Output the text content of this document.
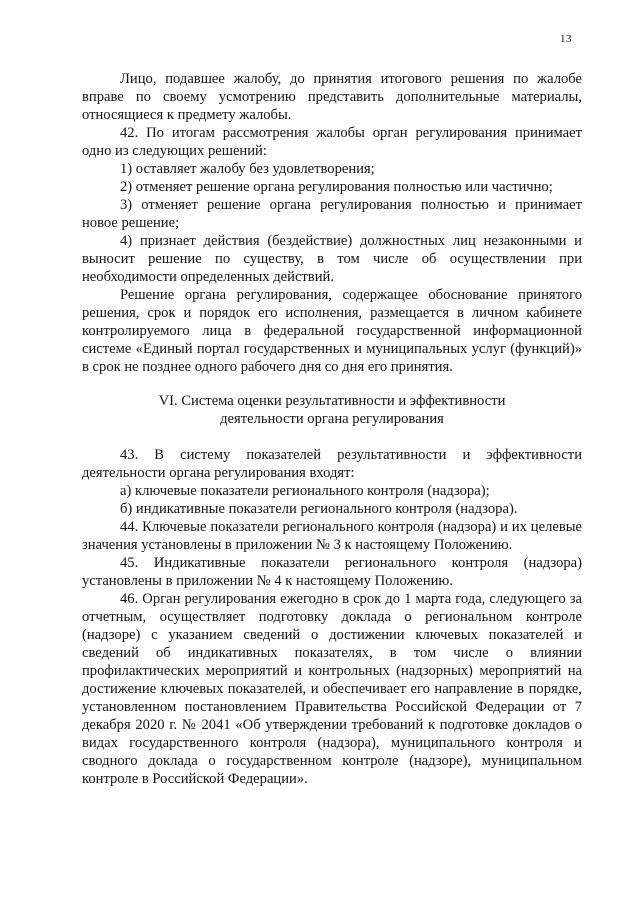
13

Лицо, подавшее жалобу, до принятия итогового решения по жалобе вправе по своему усмотрению представить дополнительные материалы, относящиеся к предмету жалобы.

42. По итогам рассмотрения жалобы орган регулирования принимает одно из следующих решений:

1) оставляет жалобу без удовлетворения;

2) отменяет решение органа регулирования полностью или частично;

3) отменяет решение органа регулирования полностью и принимает новое решение;

4) признает действия (бездействие) должностных лиц незаконными и выносит решение по существу, в том числе об осуществлении при необходимости определенных действий.

Решение органа регулирования, содержащее обоснование принятого решения, срок и порядок его исполнения, размещается в личном кабинете контролируемого лица в федеральной государственной информационной системе «Единый портал государственных и муниципальных услуг (функций)» в срок не позднее одного рабочего дня со дня его принятия.

VI. Система оценки результативности и эффективности
деятельности органа регулирования

43. В систему показателей результативности и эффективности деятельности органа регулирования входят:

а) ключевые показатели регионального контроля (надзора);

б) индикативные показатели регионального контроля (надзора).

44. Ключевые показатели регионального контроля (надзора) и их целевые значения установлены в приложении № 3 к настоящему Положению.

45. Индикативные показатели регионального контроля (надзора) установлены в приложении № 4 к настоящему Положению.

46. Орган регулирования ежегодно в срок до 1 марта года, следующего за отчетным, осуществляет подготовку доклада о региональном контроле (надзоре) с указанием сведений о достижении ключевых показателей и сведений об индикативных показателях, в том числе о влиянии профилактических мероприятий и контрольных (надзорных) мероприятий на достижение ключевых показателей, и обеспечивает его направление в порядке, установленном постановлением Правительства Российской Федерации от 7 декабря 2020 г. № 2041 «Об утверждении требований к подготовке докладов о видах государственного контроля (надзора), муниципального контроля и сводного доклада о государственном контроле (надзоре), муниципальном контроле в Российской Федерации».
